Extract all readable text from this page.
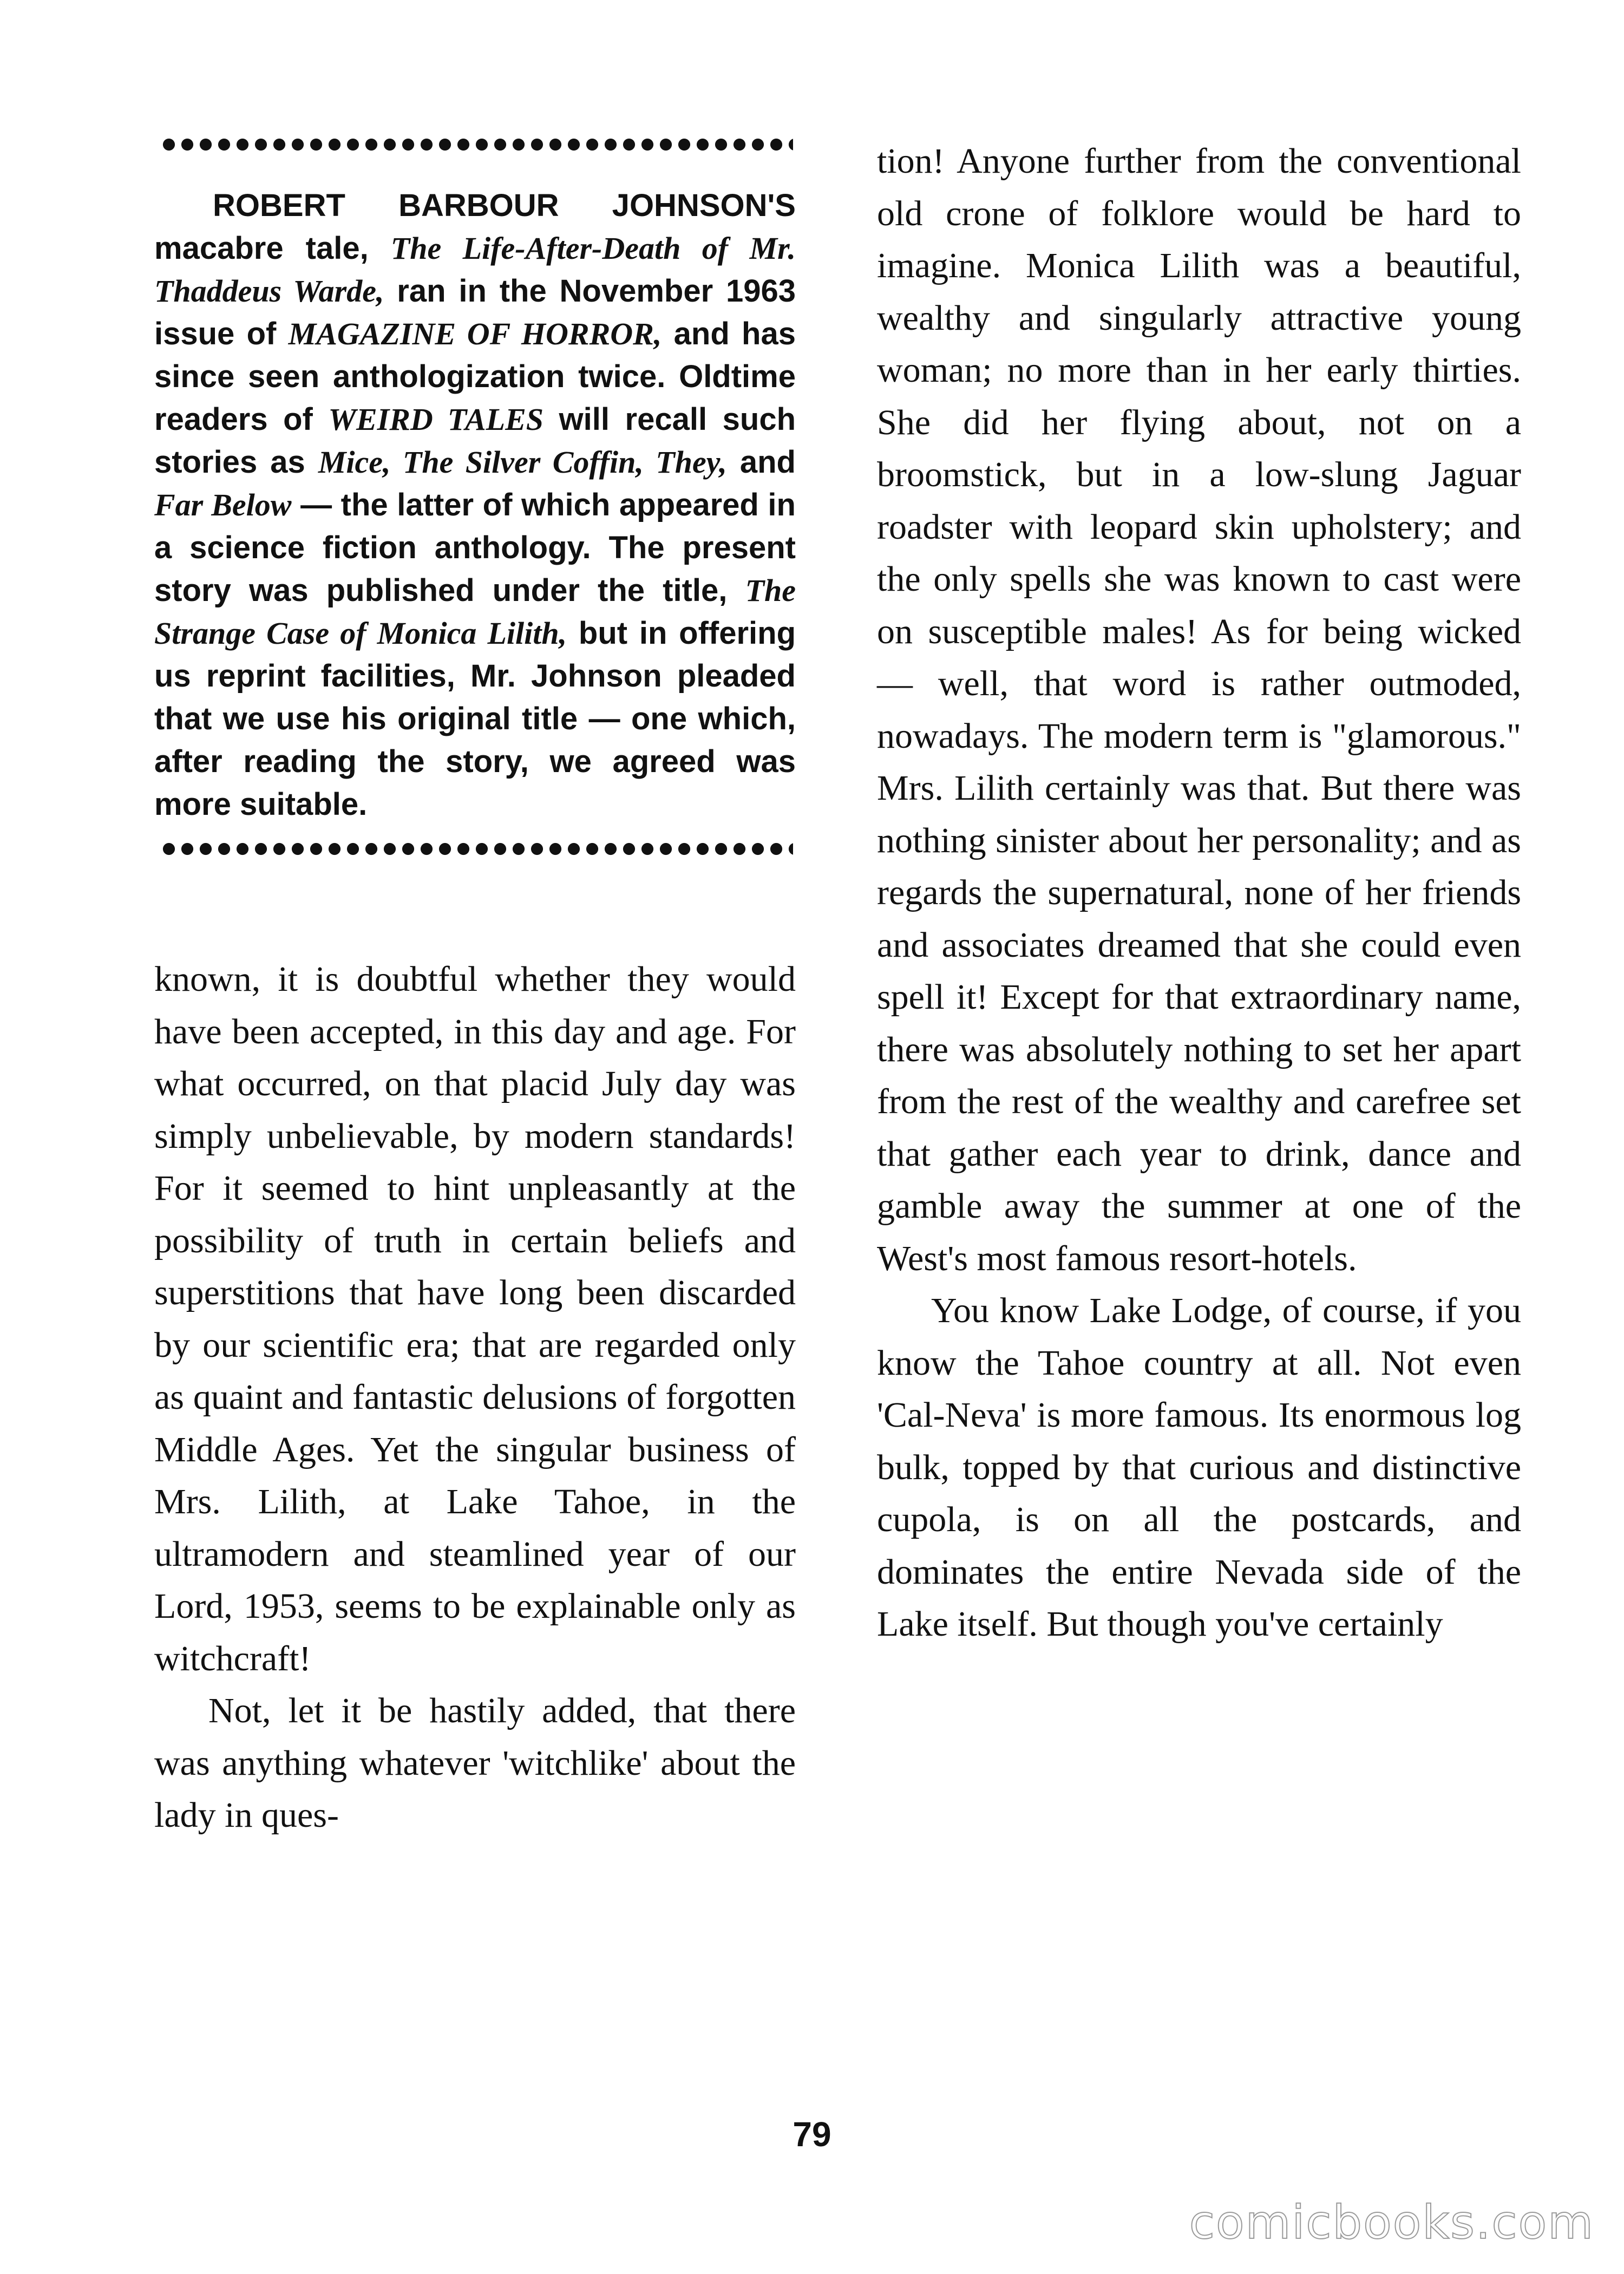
ROBERT BARBOUR JOHNSON'S macabre tale, The Life-After-Death of Mr. Thaddeus Warde, ran in the November 1963 issue of MAGAZINE OF HORROR, and has since seen anthologization twice. Oldtime readers of WEIRD TALES will recall such stories as Mice, The Silver Coffin, They, and Far Below — the latter of which appeared in a science fiction anthology. The present story was published under the title, The Strange Case of Monica Lilith, but in offering us reprint facilities, Mr. Johnson pleaded that we use his original title — one which, after reading the story, we agreed was more suitable.

known, it is doubtful whether they would have been accepted, in this day and age. For what occurred, on that placid July day was simply unbelievable, by modern standards! For it seemed to hint unpleasantly at the possibility of truth in certain beliefs and superstitions that have long been discarded by our scientific era; that are regarded only as quaint and fantastic delusions of forgotten Middle Ages. Yet the singular business of Mrs. Lilith, at Lake Tahoe, in the ultramodern and steamlined year of our Lord, 1953, seems to be explainable only as witchcraft!

Not, let it be hastily added, that there was anything whatever 'witchlike' about the lady in ques-

tion! Anyone further from the conventional old crone of folklore would be hard to imagine. Monica Lilith was a beautiful, wealthy and singularly attractive young woman; no more than in her early thirties. She did her flying about, not on a broomstick, but in a low-slung Jaguar roadster with leopard skin upholstery; and the only spells she was known to cast were on susceptible males! As for being wicked — well, that word is rather outmoded, nowadays. The modern term is "glamorous." Mrs. Lilith certainly was that. But there was nothing sinister about her personality; and as regards the supernatural, none of her friends and associates dreamed that she could even spell it! Except for that extraordinary name, there was absolutely nothing to set her apart from the rest of the wealthy and carefree set that gather each year to drink, dance and gamble away the summer at one of the West's most famous resort-hotels.

You know Lake Lodge, of course, if you know the Tahoe country at all. Not even 'Cal-Neva' is more famous. Its enormous log bulk, topped by that curious and distinctive cupola, is on all the postcards, and dominates the entire Nevada side of the Lake itself. But though you've certainly

79
comicbooks.com
